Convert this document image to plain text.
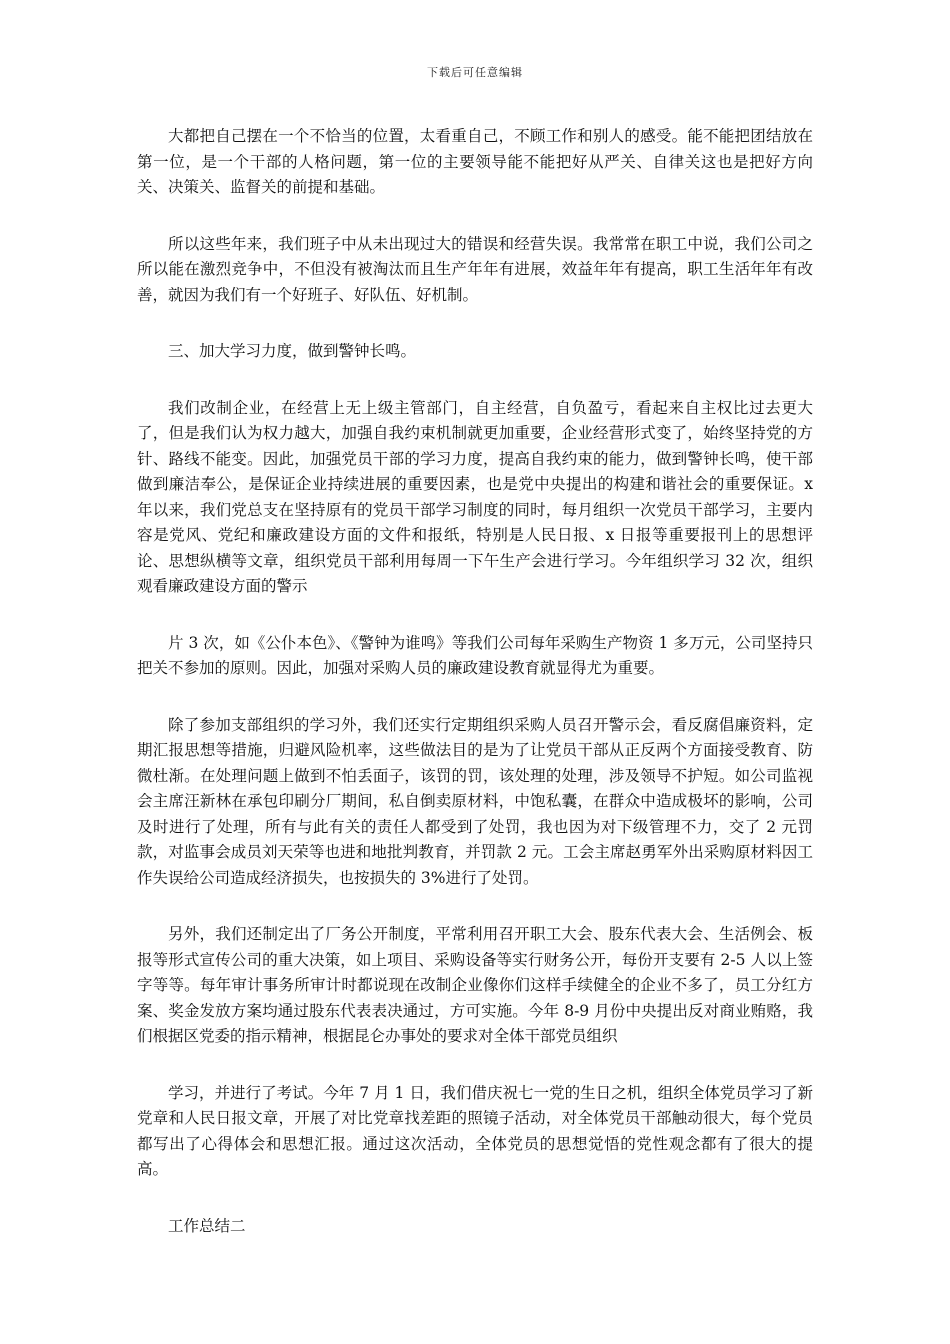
下载后可任意编辑

大都把自己摆在一个不恰当的位置，太看重自己，不顾工作和别人的感受。能不能把团结放在第一位，是一个干部的人格问题，第一位的主要领导能不能把好从严关、自律关这也是把好方向关、决策关、监督关的前提和基础。

所以这些年来，我们班子中从未出现过大的错误和经营失误。我常常在职工中说，我们公司之所以能在激烈竞争中，不但没有被淘汰而且生产年年有进展，效益年年有提高，职工生活年年有改善，就因为我们有一个好班子、好队伍、好机制。

三、加大学习力度，做到警钟长鸣。

我们改制企业，在经营上无上级主管部门，自主经营，自负盈亏，看起来自主权比过去更大了，但是我们认为权力越大，加强自我约束机制就更加重要，企业经营形式变了，始终坚持党的方针、路线不能变。因此，加强党员干部的学习力度，提高自我约束的能力，做到警钟长鸣，使干部做到廉洁奉公，是保证企业持续进展的重要因素，也是党中央提出的构建和谐社会的重要保证。x 年以来，我们党总支在坚持原有的党员干部学习制度的同时，每月组织一次党员干部学习，主要内容是党风、党纪和廉政建设方面的文件和报纸，特别是人民日报、x 日报等重要报刊上的思想评论、思想纵横等文章，组织党员干部利用每周一下午生产会进行学习。今年组织学习 32 次，组织观看廉政建设方面的警示

片 3 次，如《公仆本色》、《警钟为谁鸣》等我们公司每年采购生产物资 1 多万元，公司坚持只把关不参加的原则。因此，加强对采购人员的廉政建设教育就显得尤为重要。

除了参加支部组织的学习外，我们还实行定期组织采购人员召开警示会，看反腐倡廉资料，定期汇报思想等措施，归避风险机率，这些做法目的是为了让党员干部从正反两个方面接受教育、防微杜渐。在处理问题上做到不怕丢面子，该罚的罚，该处理的处理，涉及领导不护短。如公司监视会主席汪新林在承包印刷分厂期间，私自倒卖原材料，中饱私囊，在群众中造成极坏的影响，公司及时进行了处理，所有与此有关的责任人都受到了处罚，我也因为对下级管理不力，交了 2 元罚款，对监事会成员刘天荣等也进和地批判教育，并罚款 2 元。工会主席赵勇军外出采购原材料因工作失误给公司造成经济损失，也按损失的 3%进行了处罚。

另外，我们还制定出了厂务公开制度，平常利用召开职工大会、股东代表大会、生活例会、板报等形式宣传公司的重大决策，如上项目、采购设备等实行财务公开，每份开支要有 2-5 人以上签字等等。每年审计事务所审计时都说现在改制企业像你们这样手续健全的企业不多了，员工分红方案、奖金发放方案均通过股东代表表决通过，方可实施。今年 8-9 月份中央提出反对商业贿赂，我们根据区党委的指示精神，根据昆仑办事处的要求对全体干部党员组织

学习，并进行了考试。今年 7 月 1 日，我们借庆祝七一党的生日之机，组织全体党员学习了新党章和人民日报文章，开展了对比党章找差距的照镜子活动，对全体党员干部触动很大，每个党员都写出了心得体会和思想汇报。通过这次活动，全体党员的思想觉悟的党性观念都有了很大的提高。

工作总结二
